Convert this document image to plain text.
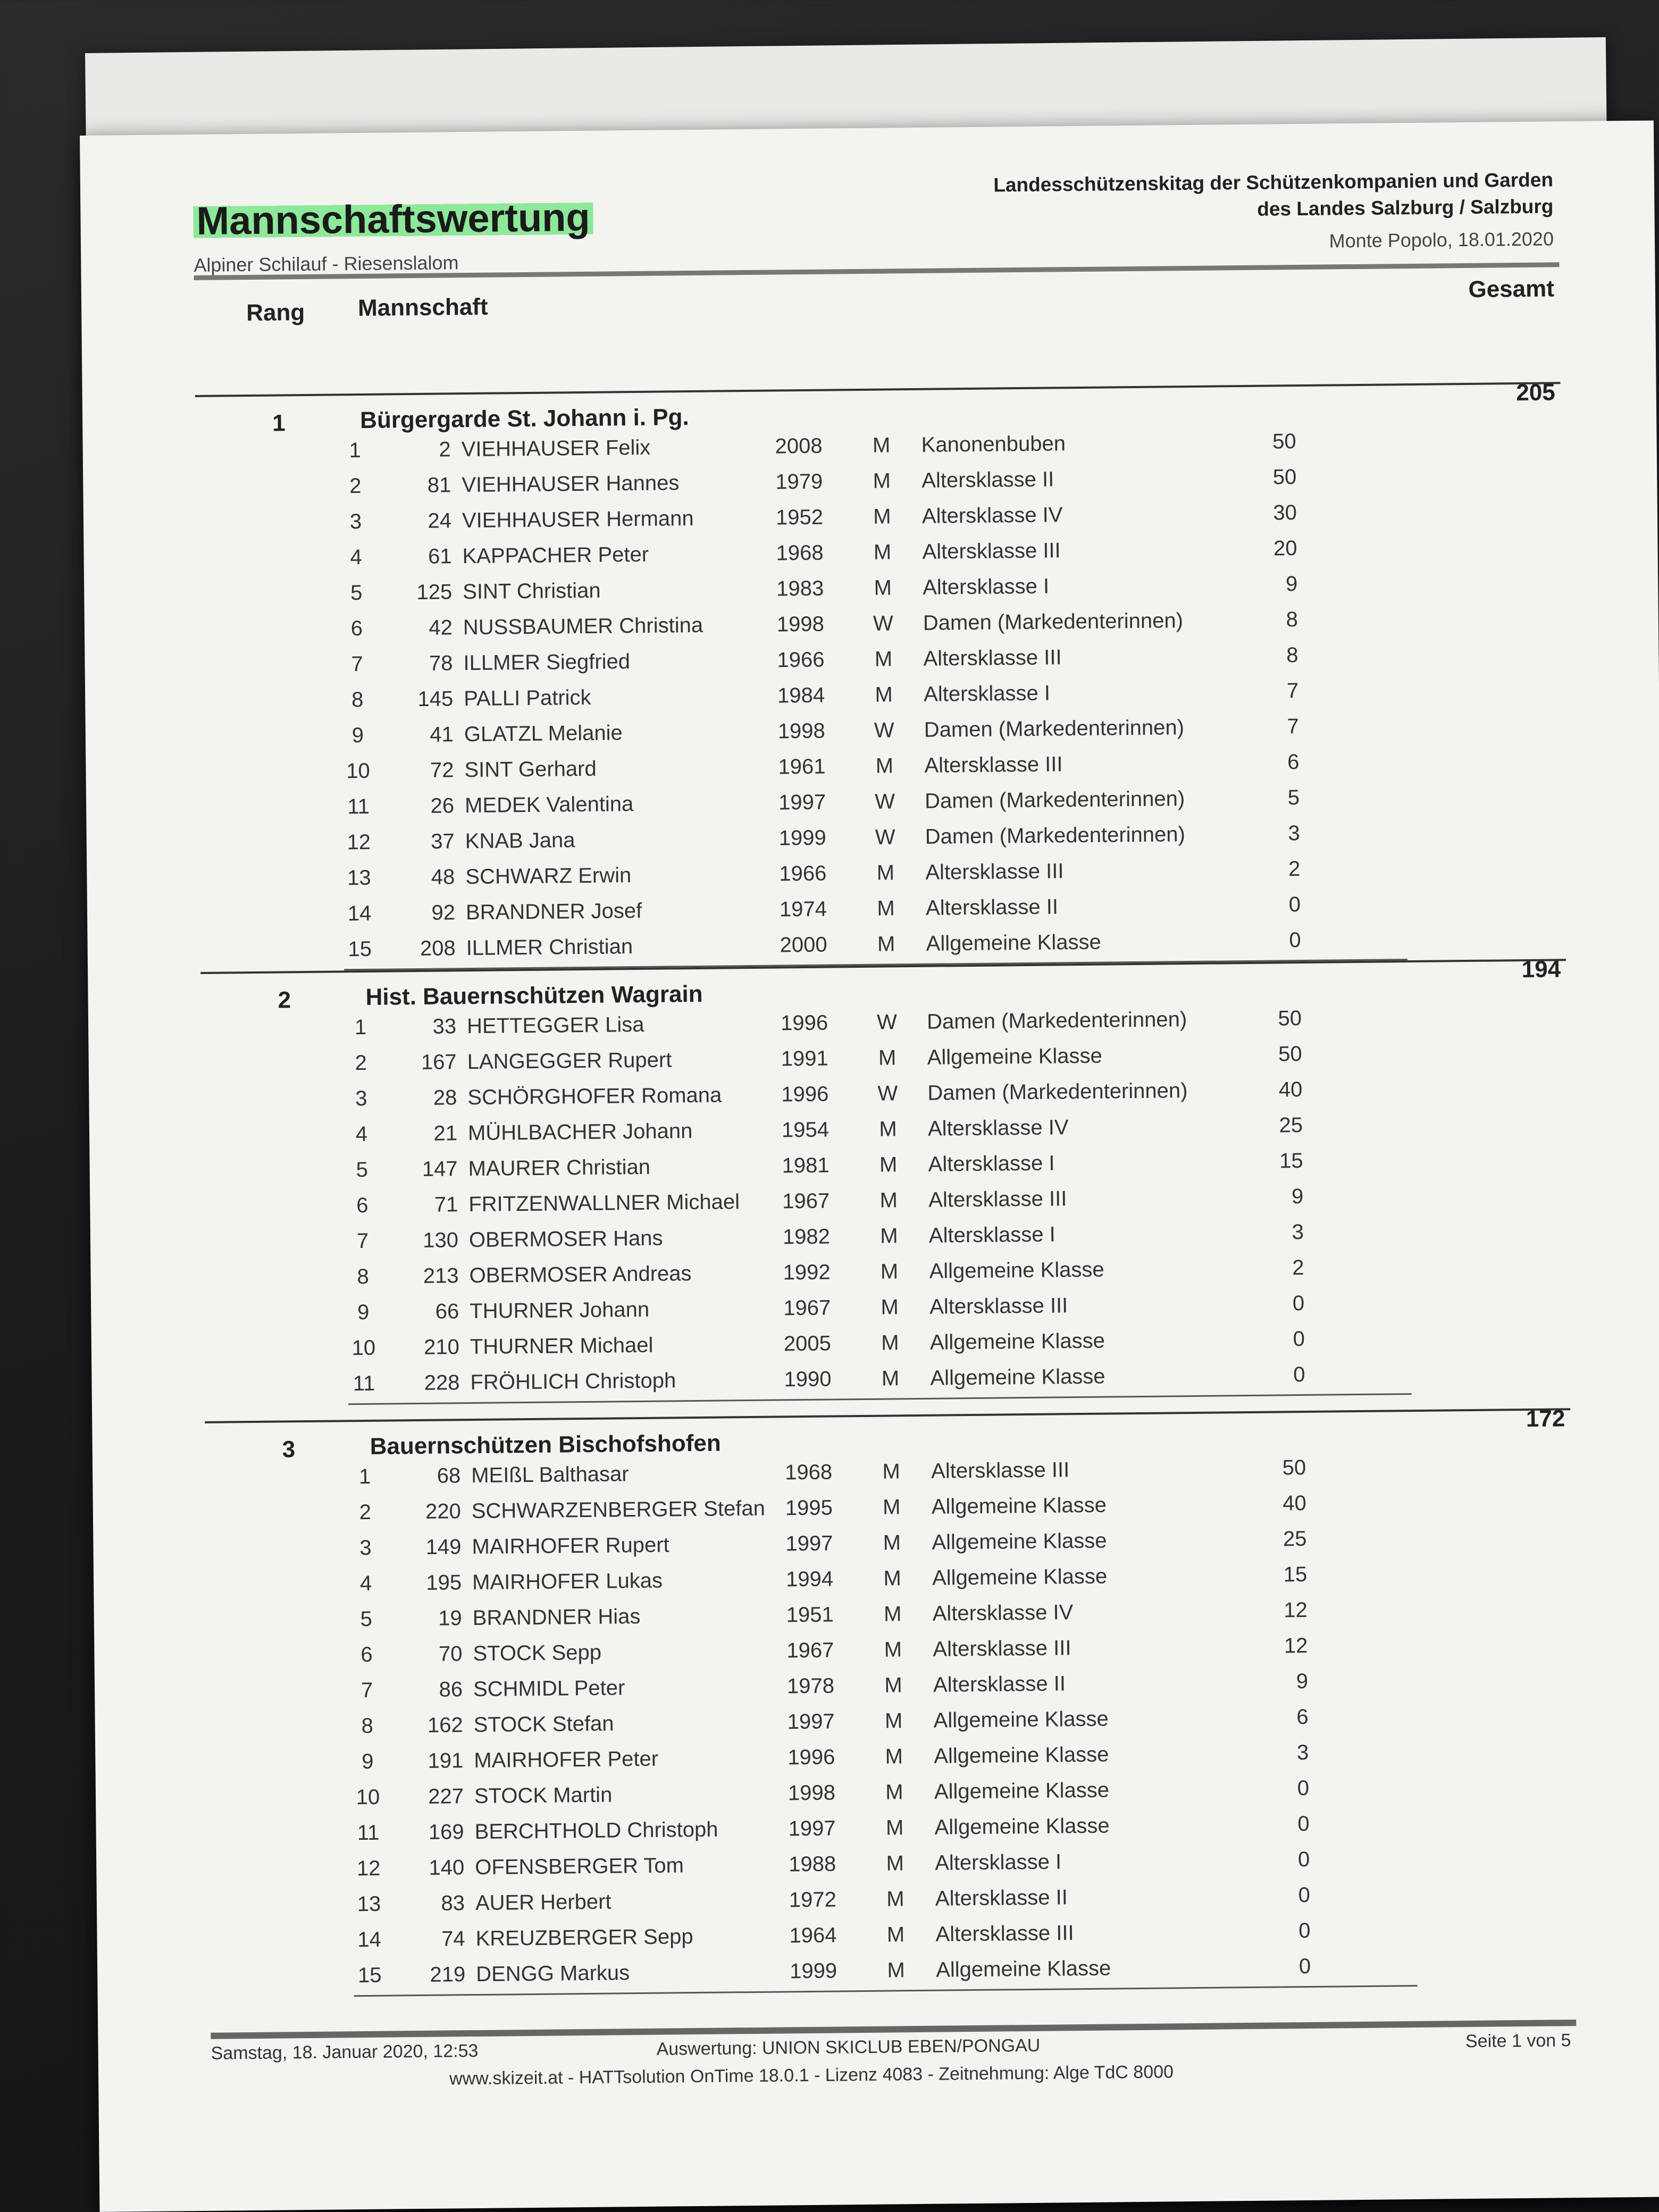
Mannschaftswertung
Alpiner Schilauf - Riesenslalom
Landesschützenskitag der Schützenkompanien und Garden
des Landes Salzburg / Salzburg
Monte Popolo, 18.01.2020
Rang Mannschaft
Gesamt
1	Bürgergarde St. Johann i. Pg.
205
1	2 VIEHHAUSER Felix	2008 M Kanonenbuben	50
2	81 VIEHHAUSER Hannes	1979 M Altersklasse II	50
3	24 VIEHHAUSER Hermann	1952 M Altersklasse IV	30
4	61 KAPPACHER Peter	1968 M Altersklasse III	20
5	125 SINT Christian	1983 M Altersklasse I	9
6	42 NUSSBAUMER Christina	1998 W Damen (Markedenterinnen)	8
7	78 ILLMER Siegfried	1966 M Altersklasse III	8
8	145 PALLI Patrick	1984 M Altersklasse I	7
9	41 GLATZL Melanie	1998 W Damen (Markedenterinnen)	7
10	72 SINT Gerhard	1961 M Altersklasse III	6
11	26 MEDEK Valentina	1997 W Damen (Markedenterinnen)	5
12	37 KNAB Jana	1999 W Damen (Markedenterinnen)	3
13	48 SCHWARZ Erwin	1966 M Altersklasse III	2
14	92 BRANDNER Josef	1974 M Altersklasse II	0
15	208 ILLMER Christian	2000 M Allgemeine Klasse	0
2	Hist. Bauernschützen Wagrain
194
1	33 HETTEGGER Lisa	1996 W Damen (Markedenterinnen)	50
2	167 LANGEGGER Rupert	1991 M Allgemeine Klasse	50
3	28 SCHÖRGHOFER Romana	1996 W Damen (Markedenterinnen)	40
4	21 MÜHLBACHER Johann	1954 M Altersklasse IV	25
5	147 MAURER Christian	1981 M Altersklasse I	15
6	71 FRITZENWALLNER Michael 1967 M Altersklasse III	9
7	130 OBERMOSER Hans	1982 M Altersklasse I	3
8	213 OBERMOSER Andreas	1992 M Allgemeine Klasse	2
9	66 THURNER Johann	1967 M Altersklasse III	0
10	210 THURNER Michael	2005 M Allgemeine Klasse	0
11	228 FRÖHLICH Christoph	1990 M Allgemeine Klasse	0
3	Bauernschützen Bischofshofen
172
1	68 MEIßL Balthasar	1968 M Altersklasse III	50
2	220 SCHWARZENBERGER Stefan 1995 M Allgemeine Klasse	40
3	149 MAIRHOFER Rupert	1997 M Allgemeine Klasse	25
4	195 MAIRHOFER Lukas	1994 M Allgemeine Klasse	15
5	19 BRANDNER Hias	1951 M Altersklasse IV	12
6	70 STOCK Sepp	1967 M Altersklasse III	12
7	86 SCHMIDL Peter	1978 M Altersklasse II	9
8	162 STOCK Stefan	1997 M Allgemeine Klasse	6
9	191 MAIRHOFER Peter	1996 M Allgemeine Klasse	3
10	227 STOCK Martin	1998 M Allgemeine Klasse	0
11	169 BERCHTHOLD Christoph	1997 M Allgemeine Klasse	0
12	140 OFENSBERGER Tom	1988 M Altersklasse I	0
13	83 AUER Herbert	1972 M Altersklasse II	0
14	74 KREUZBERGER Sepp	1964 M Altersklasse III	0
15	219 DENGG Markus	1999 M Allgemeine Klasse	0
Samstag, 18. Januar 2020, 12:53	Auswertung: UNION SKICLUB EBEN/PONGAU	Seite 1 von 5
www.skizeit.at - HATTsolution OnTime 18.0.1 - Lizenz 4083 - Zeitnehmung: Alge TdC 8000
